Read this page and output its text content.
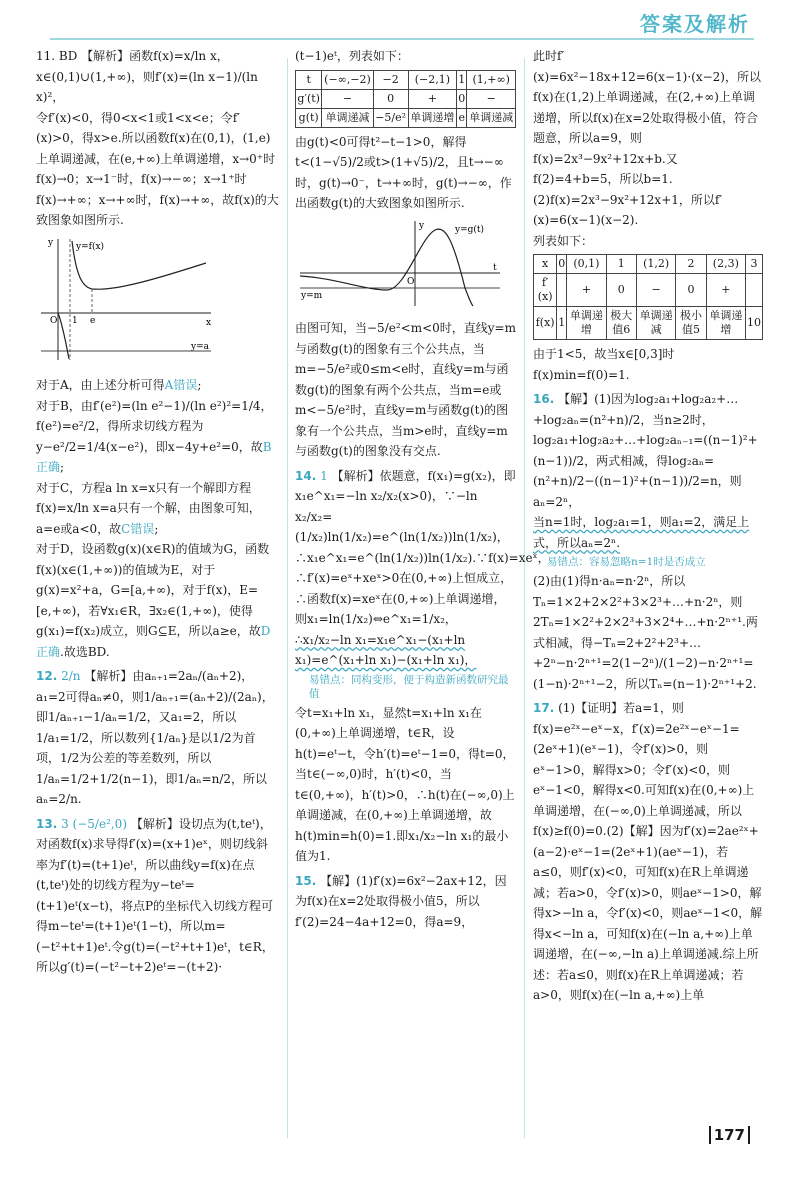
答案及解析

11. BD 【解析】函数f(x)=x/ln x，x∈(0,1)∪(1,+∞)，则f′(x)=(ln x−1)/(ln x)²，

令f′(x)<0，得0<x<1或1<x<e；令f′(x)>0，得x>e.所以函数f(x)在(0,1)，(1,e)上单调递减，在(e,+∞)上单调递增，x→0⁺时f(x)→0；x→1⁻时，f(x)→−∞；x→1⁺时f(x)→+∞；x→+∞时，f(x)→+∞，故f(x)的大致图象如图所示.

y=f(x)
y=a
O 1 e	x
y

对于A，由上述分析可得A错误;

对于B，由f′(e²)=(ln e²−1)/(ln e²)²=1/4，

f(e²)=e²/2，得所求切线方程为y−e²/2=1/4(x−e²)，即x−4y+e²=0，故B正确;

对于C，方程a ln x=x只有一个解即方程f(x)=x/ln x=a只有一个解，由图象可知，a=e或a<0，故C错误;

对于D，设函数g(x)(x∈R)的值域为G，函数f(x)(x∈(1,+∞))的值域为E，对于g(x)=x²+a，G=[a,+∞)，对于f(x)，E=[e,+∞)，若∀x₁∈R，∃x₂∈(1,+∞)，使得g(x₁)=f(x₂)成立，则G⊆E，所以a≥e，故D正确.故选BD.

12. 2/n 【解析】由aₙ₊₁=2aₙ/(aₙ+2)，a₁=2可得aₙ≠0，则1/aₙ₊₁=(aₙ+2)/(2aₙ)，即1/aₙ₊₁−1/aₙ=1/2，又a₁=2，所以1/a₁=1/2，所以数列{1/aₙ}是以1/2为首项，1/2为公差的等差数列，所以1/aₙ=1/2+1/2(n−1)，即1/aₙ=n/2，所以aₙ=2/n.

13. 3 (−5/e²,0) 【解析】设切点为(t,teᵗ)，对函数f(x)求导得f′(x)=(x+1)eˣ，则切线斜率为f′(t)=(t+1)eᵗ，所以曲线y=f(x)在点(t,teᵗ)处的切线方程为y−teᵗ=(t+1)eᵗ(x−t)，将点P的坐标代入切线方程可得m−teᵗ=(t+1)eᵗ(1−t)，所以m=(−t²+t+1)eᵗ.令g(t)=(−t²+t+1)eᵗ，t∈R，所以g′(t)=(−t²−t+2)eᵗ=−(t+2)·

(t−1)eᵗ，列表如下：

t	(−∞,−2)	−2	(−2,1)	1	(1,+∞)
g′(t)	−	0	+	0	−
g(t)	单调递减	−5/e²	单调递增	e	单调递减

由g(t)<0可得t²−t−1>0，解得t<(1−√5)/2或t>(1+√5)/2，且t→−∞时，g(t)→0⁻，t→+∞时，g(t)→−∞，作出函数g(t)的大致图象如图所示.

y=g(t)
y=m
y
t
O

由图可知，当−5/e²<m<0时，直线y=m与函数g(t)的图象有三个公共点，当m=−5/e²或0≤m<e时，直线y=m与函数g(t)的图象有两个公共点，当m=e或m<−5/e²时，直线y=m与函数g(t)的图象有一个公共点，当m>e时，直线y=m与函数g(t)的图象没有交点.

14. 1 【解析】依题意，f(x₁)=g(x₂)，即x₁e^x₁=−ln x₂/x₂(x>0)，∵−ln x₂/x₂=(1/x₂)ln(1/x₂)=e^(ln(1/x₂))ln(1/x₂)，∴x₁e^x₁=e^(ln(1/x₂))ln(1/x₂).∵f(x)=xeˣ，∴f′(x)=eˣ+xeˣ>0在(0,+∞)上恒成立，∴函数f(x)=xeˣ在(0,+∞)上单调递增，则x₁=ln(1/x₂)⇔e^x₁=1/x₂，

∴x₁/x₂−ln x₁=x₁e^x₁−(x₁+ln x₁)=e^(x₁+ln x₁)−(x₁+ln x₁)，

易错点：同构变形，便于构造新函数研究最值

令t=x₁+ln x₁，显然t=x₁+ln x₁在(0,+∞)上单调递增，t∈R，设h(t)=eᵗ−t，令h′(t)=eᵗ−1=0，得t=0，当t∈(−∞,0)时，h′(t)<0，当t∈(0,+∞)，h′(t)>0，∴h(t)在(−∞,0)上单调递减，在(0,+∞)上单调递增，故h(t)min=h(0)=1.即x₁/x₂−ln x₁的最小值为1.

15. 【解】(1)f′(x)=6x²−2ax+12，因为f(x)在x=2处取得极小值5，所以f′(2)=24−4a+12=0，得a=9，

此时f′(x)=6x²−18x+12=6(x−1)·(x−2)，所以f(x)在(1,2)上单调递减，在(2,+∞)上单调递增，所以f(x)在x=2处取得极小值，符合题意，所以a=9，则f(x)=2x³−9x²+12x+b.又f(2)=4+b=5，所以b=1.

(2)f(x)=2x³−9x²+12x+1，所以f′(x)=6(x−1)(x−2).

列表如下：

x	0	(0,1)	1	(1,2)	2	(2,3)	3
f′(x)		+	0	−	0	+	
f(x)	1	单调递增	极大值6	单调递减	极小值5	单调递增	10

由于1<5，故当x∈[0,3]时f(x)min=f(0)=1.

16. 【解】(1)因为log₂a₁+log₂a₂+…+log₂aₙ=(n²+n)/2，当n≥2时，log₂a₁+log₂a₂+…+log₂aₙ₋₁=((n−1)²+(n−1))/2，两式相减，得log₂aₙ=(n²+n)/2−((n−1)²+(n−1))/2=n，则aₙ=2ⁿ，

当n=1时，log₂a₁=1，则a₁=2，满足上式，所以aₙ=2ⁿ.

易错点：容易忽略n=1时是否成立

(2)由(1)得n·aₙ=n·2ⁿ，所以Tₙ=1×2+2×2²+3×2³+…+n·2ⁿ，则2Tₙ=1×2²+2×2³+3×2⁴+…+n·2ⁿ⁺¹.两式相减，得−Tₙ=2+2²+2³+…+2ⁿ−n·2ⁿ⁺¹=2(1−2ⁿ)/(1−2)−n·2ⁿ⁺¹=(1−n)·2ⁿ⁺¹−2，所以Tₙ=(n−1)·2ⁿ⁺¹+2.

17. (1)【证明】若a=1，则f(x)=e²ˣ−eˣ−x，f′(x)=2e²ˣ−eˣ−1=(2eˣ+1)(eˣ−1)，令f′(x)>0，则eˣ−1>0，解得x>0；令f′(x)<0，则eˣ−1<0，解得x<0.可知f(x)在(0,+∞)上单调递增，在(−∞,0)上单调递减，所以f(x)≥f(0)=0.(2)【解】因为f′(x)=2ae²ˣ+(a−2)·eˣ−1=(2eˣ+1)(aeˣ−1)，若a≤0，则f′(x)<0，可知f(x)在R上单调递减；若a>0，令f′(x)>0，则aeˣ−1>0，解得x>−ln a，令f′(x)<0，则aeˣ−1<0，解得x<−ln a，可知f(x)在(−ln a,+∞)上单调递增，在(−∞,−ln a)上单调递减.综上所述：若a≤0，则f(x)在R上单调递减；若a>0，则f(x)在(−ln a,+∞)上单

177
